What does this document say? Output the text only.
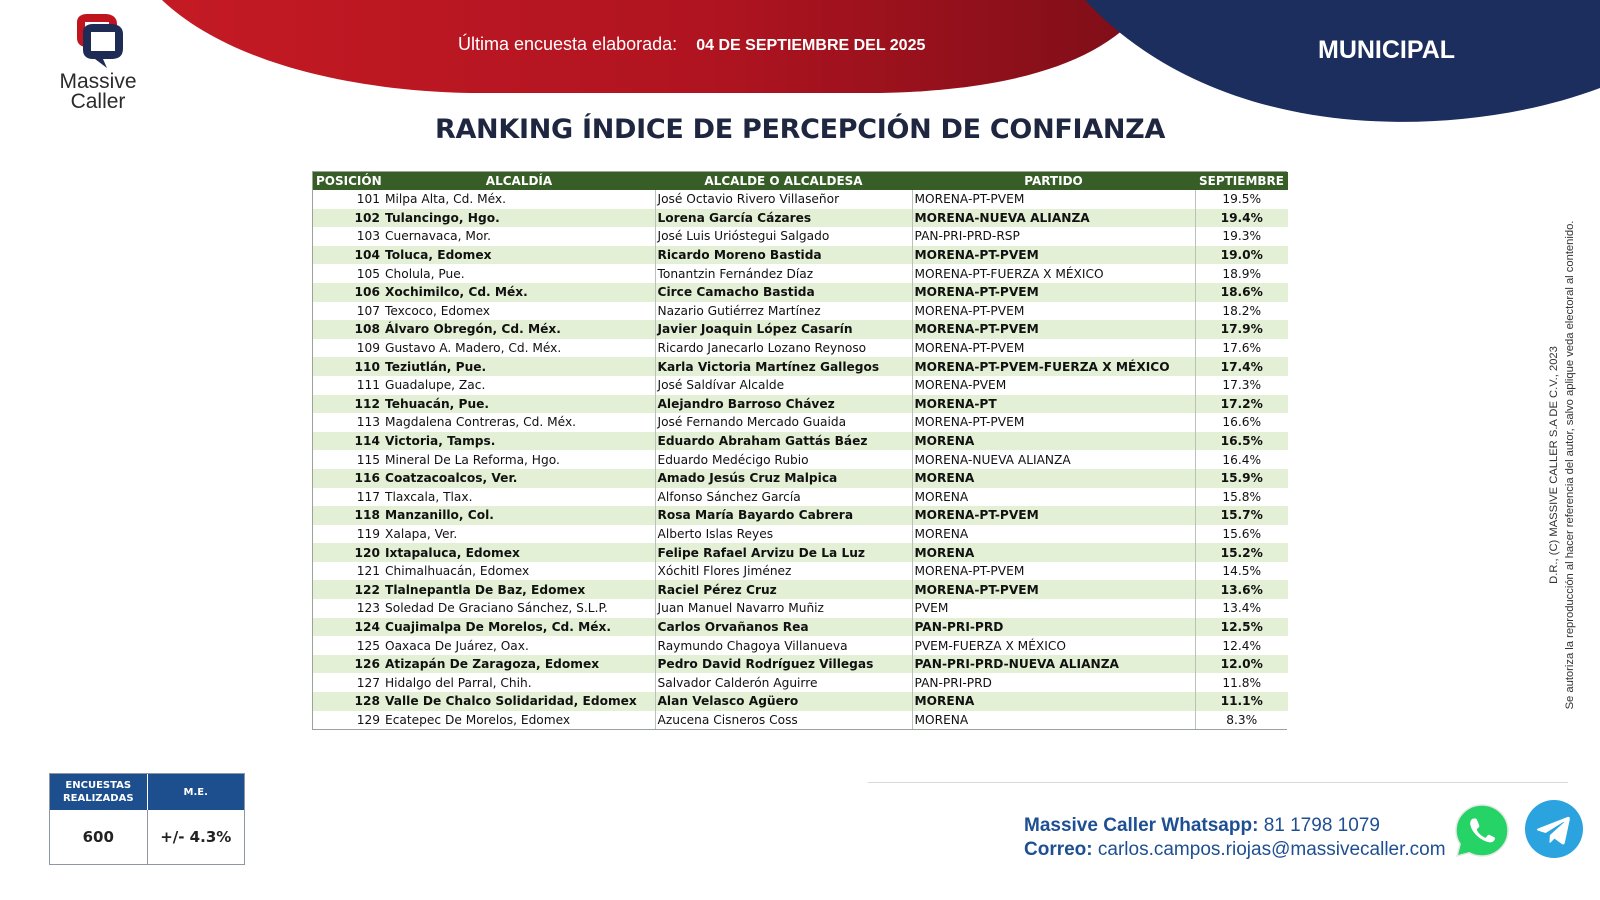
Massive
Caller
Última encuesta elaborada: 04 DE SEPTIEMBRE DEL 2025	MUNICIPAL
RANKING ÍNDICE DE PERCEPCIÓN DE CONFIANZA
POSICIÓN	ALCALDÍA	ALCALDE O ALCALDESA	PARTIDO	SEPTIEMBRE
101	Milpa Alta, Cd. Méx.	José Octavio Rivero Villaseñor	MORENA-PT-PVEM	19.5%
102	Tulancingo, Hgo.	Lorena García Cázares	MORENA-NUEVA ALIANZA	19.4%
103	Cuernavaca, Mor.	José Luis Urióstegui Salgado	PAN-PRI-PRD-RSP	19.3%
104	Toluca, Edomex	Ricardo Moreno Bastida	MORENA-PT-PVEM	19.0%
105	Cholula, Pue.	Tonantzin Fernández Díaz	MORENA-PT-FUERZA X MÉXICO	18.9%
106	Xochimilco, Cd. Méx.	Circe Camacho Bastida	MORENA-PT-PVEM	18.6%
107	Texcoco, Edomex	Nazario Gutiérrez Martínez	MORENA-PT-PVEM	18.2%
108	Álvaro Obregón, Cd. Méx.	Javier Joaquin López Casarín	MORENA-PT-PVEM	17.9%
109	Gustavo A. Madero, Cd. Méx.	Ricardo Janecarlo Lozano Reynoso	MORENA-PT-PVEM	17.6%
110	Teziutlán, Pue.	Karla Victoria Martínez Gallegos	MORENA-PT-PVEM-FUERZA X MÉXICO	17.4%
111	Guadalupe, Zac.	José Saldívar Alcalde	MORENA-PVEM	17.3%
112	Tehuacán, Pue.	Alejandro Barroso Chávez	MORENA-PT	17.2%
113	Magdalena Contreras, Cd. Méx.	José Fernando Mercado Guaida	MORENA-PT-PVEM	16.6%
114	Victoria, Tamps.	Eduardo Abraham Gattás Báez	MORENA	16.5%
115	Mineral De La Reforma, Hgo.	Eduardo Medécigo Rubio	MORENA-NUEVA ALIANZA	16.4%
116	Coatzacoalcos, Ver.	Amado Jesús Cruz Malpica	MORENA	15.9%
117	Tlaxcala, Tlax.	Alfonso Sánchez García	MORENA	15.8%
118	Manzanillo, Col.	Rosa María Bayardo Cabrera	MORENA-PT-PVEM	15.7%
119	Xalapa, Ver.	Alberto Islas Reyes	MORENA	15.6%
120	Ixtapaluca, Edomex	Felipe Rafael Arvizu De La Luz	MORENA	15.2%
121	Chimalhuacán, Edomex	Xóchitl Flores Jiménez	MORENA-PT-PVEM	14.5%
122	Tlalnepantla De Baz, Edomex	Raciel Pérez Cruz	MORENA-PT-PVEM	13.6%
123	Soledad De Graciano Sánchez, S.L.P.	Juan Manuel Navarro Muñiz	PVEM	13.4%
124	Cuajimalpa De Morelos, Cd. Méx.	Carlos Orvañanos Rea	PAN-PRI-PRD	12.5%
125	Oaxaca De Juárez, Oax.	Raymundo Chagoya Villanueva	PVEM-FUERZA X MÉXICO	12.4%
126	Atizapán De Zaragoza, Edomex	Pedro David Rodríguez Villegas	PAN-PRI-PRD-NUEVA ALIANZA	12.0%
127	Hidalgo del Parral, Chih.	Salvador Calderón Aguirre	PAN-PRI-PRD	11.8%
128	Valle De Chalco Solidaridad, Edomex	Alan Velasco Agüero	MORENA	11.1%
129	Ecatepec De Morelos, Edomex	Azucena Cisneros Coss	MORENA	8.3%
ENCUESTAS REALIZADAS
M.E.
600	+/- 4.3%
Massive Caller Whatsapp: 81 1798 1079
Correo: carlos.campos.riojas@massivecaller.com
D.R., (C) MASSIVE CALLER S.A DE C.V., 2023 Se autoriza la reproducción al hacer referencia del autor, salvo aplique veda electoral al contenido.
